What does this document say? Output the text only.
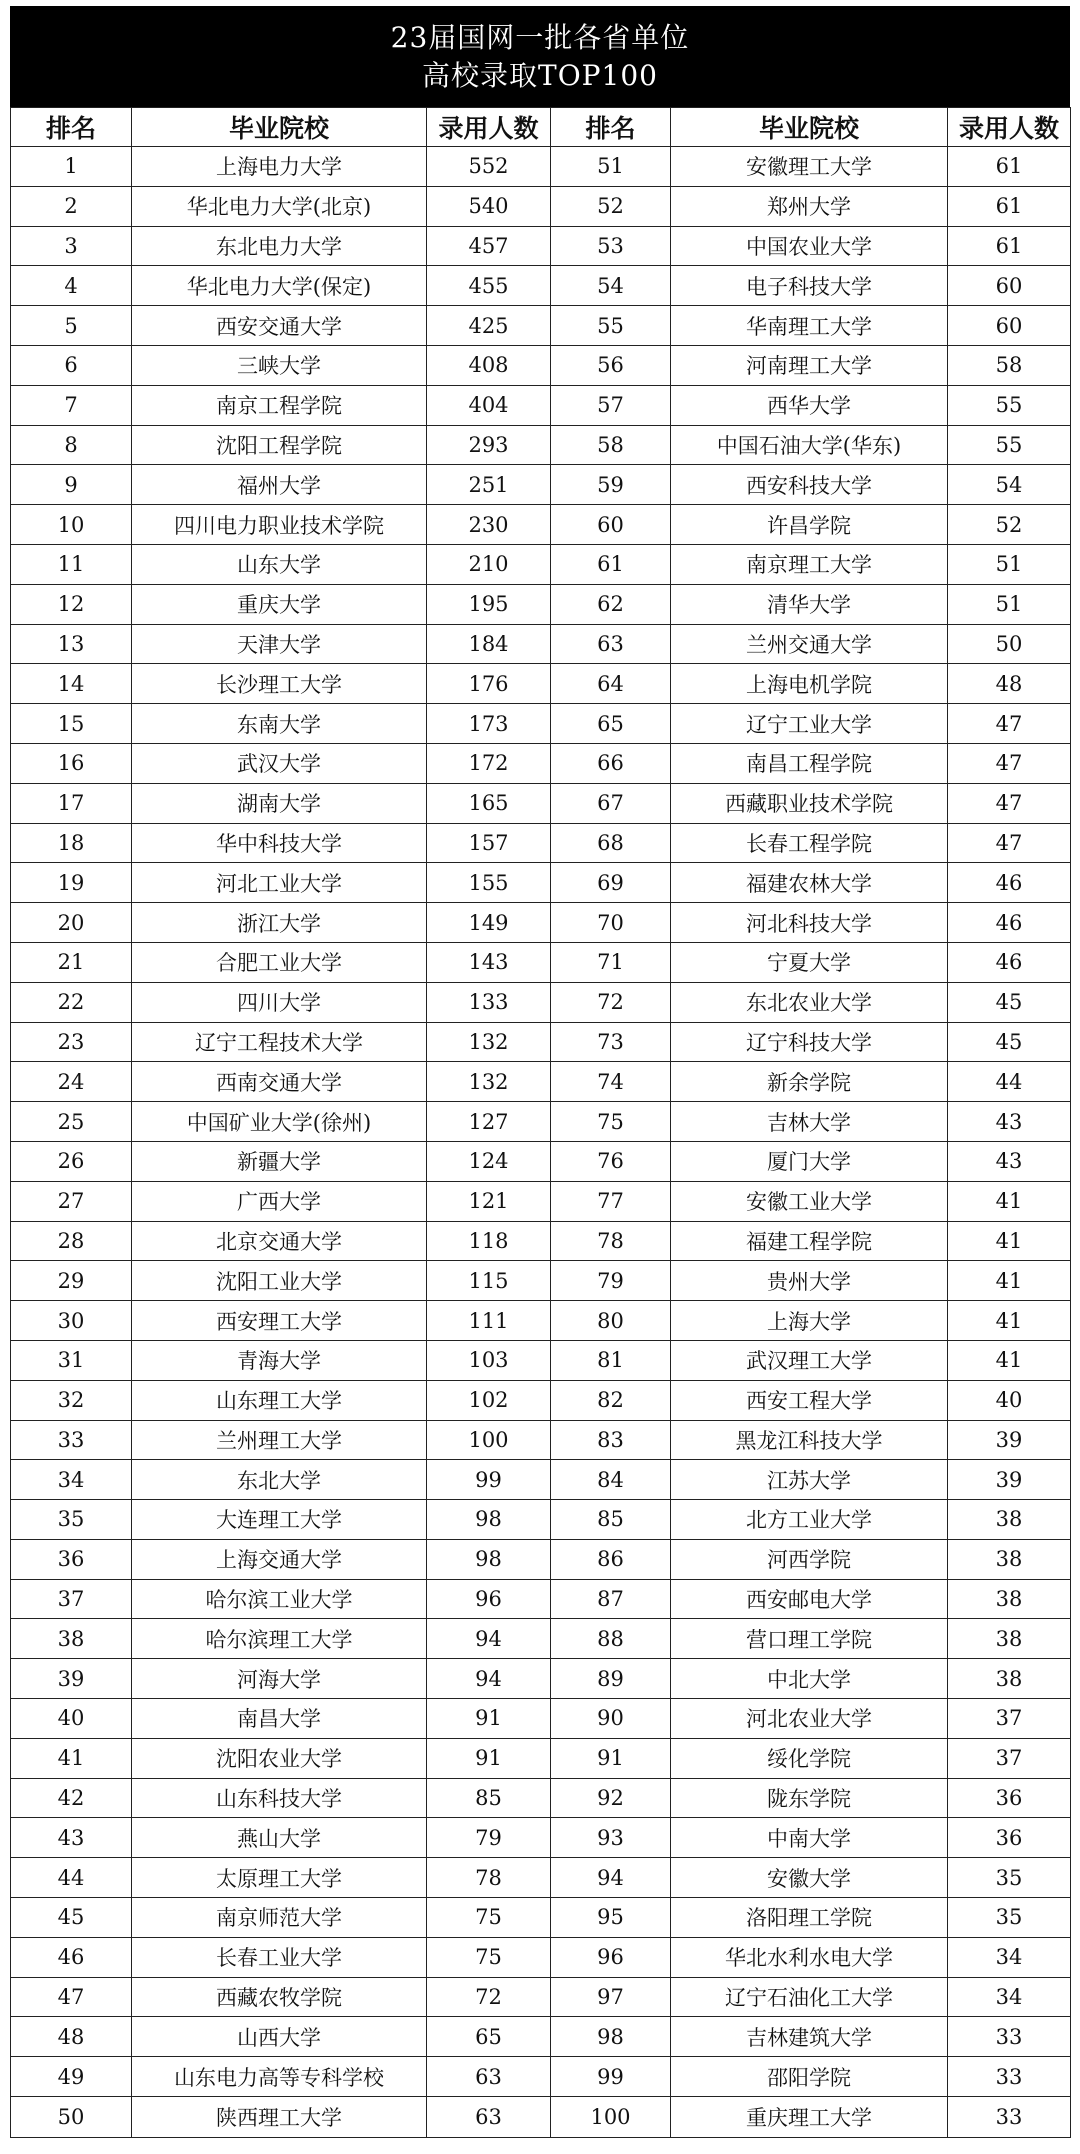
23届国网一批各省单位
高校录取TOP100
排名	毕业院校	录用人数	排名	毕业院校	录用人数
1	上海电力大学	552	51	安徽理工大学	61
2	华北电力大学(北京)	540	52	郑州大学	61
3	东北电力大学	457	53	中国农业大学	61
4	华北电力大学(保定)	455	54	电子科技大学	60
5	西安交通大学	425	55	华南理工大学	60
6	三峡大学	408	56	河南理工大学	58
7	南京工程学院	404	57	西华大学	55
8	沈阳工程学院	293	58	中国石油大学(华东)	55
9	福州大学	251	59	西安科技大学	54
10	四川电力职业技术学院	230	60	许昌学院	52
11	山东大学	210	61	南京理工大学	51
12	重庆大学	195	62	清华大学	51
13	天津大学	184	63	兰州交通大学	50
14	长沙理工大学	176	64	上海电机学院	48
15	东南大学	173	65	辽宁工业大学	47
16	武汉大学	172	66	南昌工程学院	47
17	湖南大学	165	67	西藏职业技术学院	47
18	华中科技大学	157	68	长春工程学院	47
19	河北工业大学	155	69	福建农林大学	46
20	浙江大学	149	70	河北科技大学	46
21	合肥工业大学	143	71	宁夏大学	46
22	四川大学	133	72	东北农业大学	45
23	辽宁工程技术大学	132	73	辽宁科技大学	45
24	西南交通大学	132	74	新余学院	44
25	中国矿业大学(徐州)	127	75	吉林大学	43
26	新疆大学	124	76	厦门大学	43
27	广西大学	121	77	安徽工业大学	41
28	北京交通大学	118	78	福建工程学院	41
29	沈阳工业大学	115	79	贵州大学	41
30	西安理工大学	111	80	上海大学	41
31	青海大学	103	81	武汉理工大学	41
32	山东理工大学	102	82	西安工程大学	40
33	兰州理工大学	100	83	黑龙江科技大学	39
34	东北大学	99	84	江苏大学	39
35	大连理工大学	98	85	北方工业大学	38
36	上海交通大学	98	86	河西学院	38
37	哈尔滨工业大学	96	87	西安邮电大学	38
38	哈尔滨理工大学	94	88	营口理工学院	38
39	河海大学	94	89	中北大学	38
40	南昌大学	91	90	河北农业大学	37
41	沈阳农业大学	91	91	绥化学院	37
42	山东科技大学	85	92	陇东学院	36
43	燕山大学	79	93	中南大学	36
44	太原理工大学	78	94	安徽大学	35
45	南京师范大学	75	95	洛阳理工学院	35
46	长春工业大学	75	96	华北水利水电大学	34
47	西藏农牧学院	72	97	辽宁石油化工大学	34
48	山西大学	65	98	吉林建筑大学	33
49	山东电力高等专科学校	63	99	邵阳学院	33
50	陕西理工大学	63	100	重庆理工大学	33
